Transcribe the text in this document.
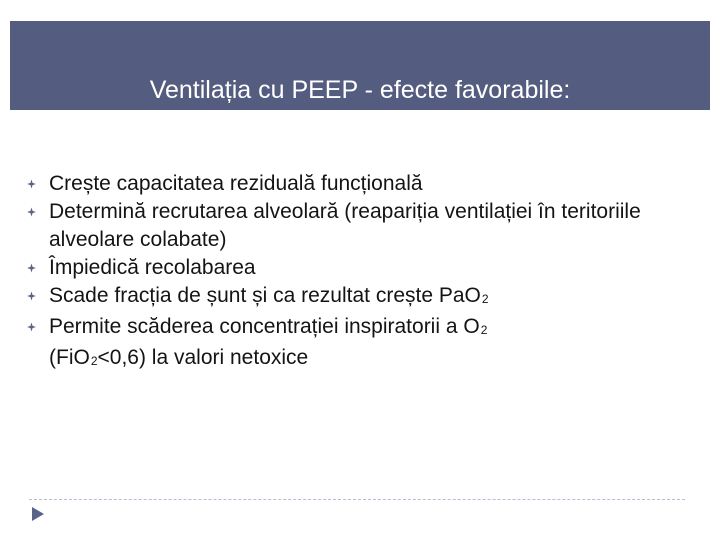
Ventilația cu PEEP - efecte favorabile:
Crește capacitatea reziduală funcțională
Determină recrutarea alveolară (reapariția ventilației în teritoriile alveolare colabate)
Împiedică recolabarea
Scade fracția de șunt și ca rezultat crește PaO2
Permite scăderea concentrației inspiratorii a O2
(FiO2<0,6) la valori netoxice
